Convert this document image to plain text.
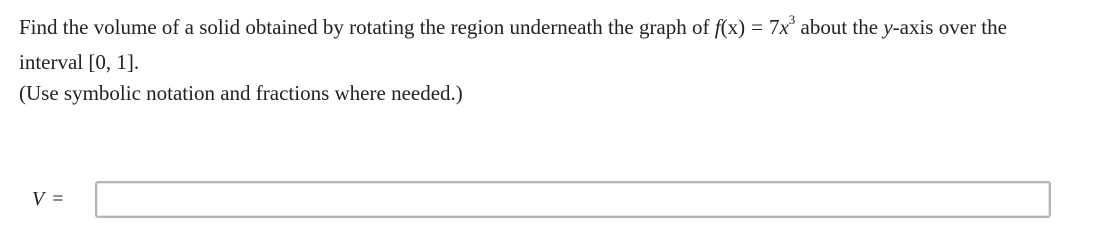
Find the volume of a solid obtained by rotating the region underneath the graph of $f(x) = 7x^3$ about the y-axis over the
interval [0, 1].
(Use symbolic notation and fractions where needed.)
V =
